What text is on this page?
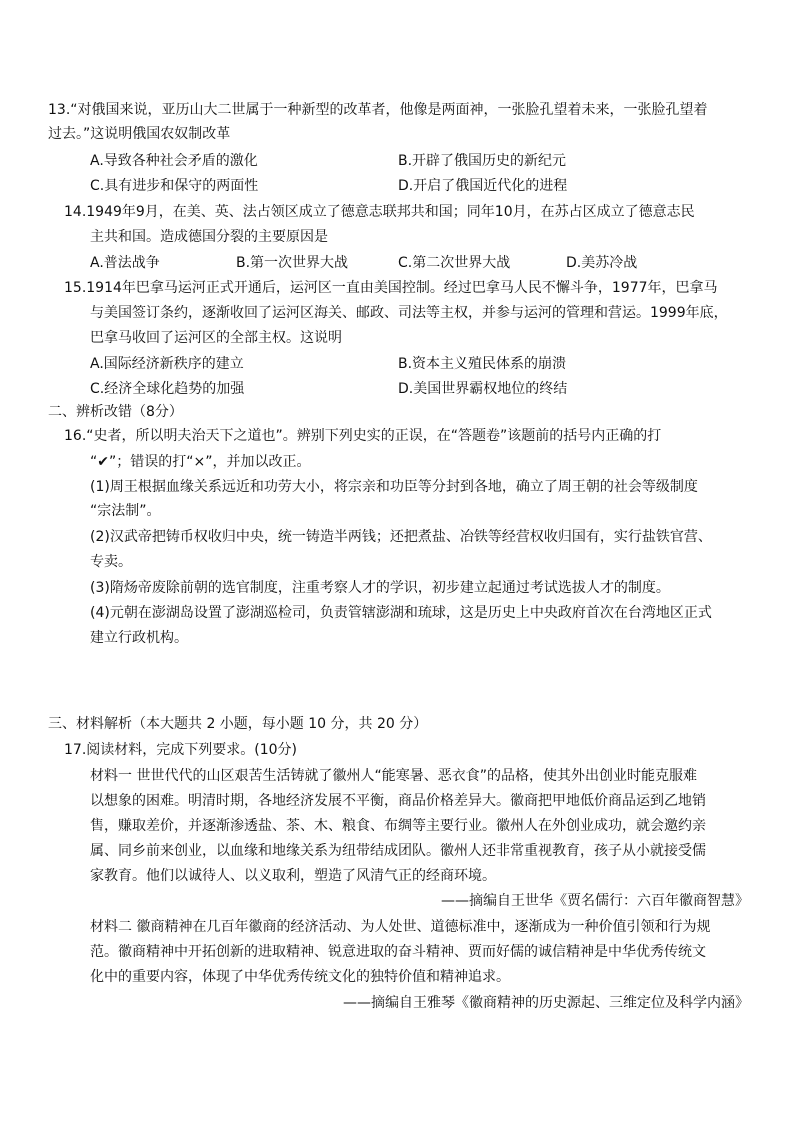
13.“对俄国来说，亚历山大二世属于一种新型的改革者，他像是两面神，一张脸孔望着未来，一张脸孔望着
过去。”这说明俄国农奴制改革
A.导致各种社会矛盾的激化	B.开辟了俄国历史的新纪元
C.具有进步和保守的两面性	D.开启了俄国近代化的进程
14.1949年9月，在美、英、法占领区成立了德意志联邦共和国；同年10月，在苏占区成立了德意志民
主共和国。造成德国分裂的主要原因是
A.普法战争	B.第一次世界大战	C.第二次世界大战	D.美苏冷战
15.1914年巴拿马运河正式开通后，运河区一直由美国控制。经过巴拿马人民不懈斗争，1977年，巴拿马
与美国签订条约，逐渐收回了运河区海关、邮政、司法等主权，并参与运河的管理和营运。1999年底，
巴拿马收回了运河区的全部主权。这说明
A.国际经济新秩序的建立	B.资本主义殖民体系的崩溃
C.经济全球化趋势的加强	D.美国世界霸权地位的终结
二、辨析改错（8分）
16.“史者，所以明夫治天下之道也”。辨别下列史实的正误，在“答题卷”该题前的括号内正确的打
“✔”；错误的打“×”，并加以改正。
(1)周王根据血缘关系远近和功劳大小，将宗亲和功臣等分封到各地，确立了周王朝的社会等级制度
“宗法制”。
(2)汉武帝把铸币权收归中央，统一铸造半两钱；还把煮盐、冶铁等经营权收归国有，实行盐铁官营、
专卖。
(3)隋炀帝废除前朝的选官制度，注重考察人才的学识，初步建立起通过考试选拔人才的制度。
(4)元朝在澎湖岛设置了澎湖巡检司，负责管辖澎湖和琉球，这是历史上中央政府首次在台湾地区正式
建立行政机构。
三、材料解析（本大题共 2 小题，每小题 10 分，共 20 分）
17.阅读材料，完成下列要求。(10分)
材料一 世世代代的山区艰苦生活铸就了徽州人“能寒暑、恶衣食”的品格，使其外出创业时能克服难
以想象的困难。明清时期，各地经济发展不平衡，商品价格差异大。徽商把甲地低价商品运到乙地销
售，赚取差价，并逐渐渗透盐、茶、木、粮食、布绸等主要行业。徽州人在外创业成功，就会邀约亲
属、同乡前来创业，以血缘和地缘关系为纽带结成团队。徽州人还非常重视教育，孩子从小就接受儒
家教育。他们以诚待人、以义取利，塑造了风清气正的经商环境。
——摘编自王世华《贾名儒行：六百年徽商智慧》
材料二 徽商精神在几百年徽商的经济活动、为人处世、道德标准中，逐渐成为一种价值引领和行为规
范。徽商精神中开拓创新的进取精神、锐意进取的奋斗精神、贾而好儒的诚信精神是中华优秀传统文
化中的重要内容，体现了中华优秀传统文化的独特价值和精神追求。
——摘编自王雅琴《徽商精神的历史源起、三维定位及科学内涵》
